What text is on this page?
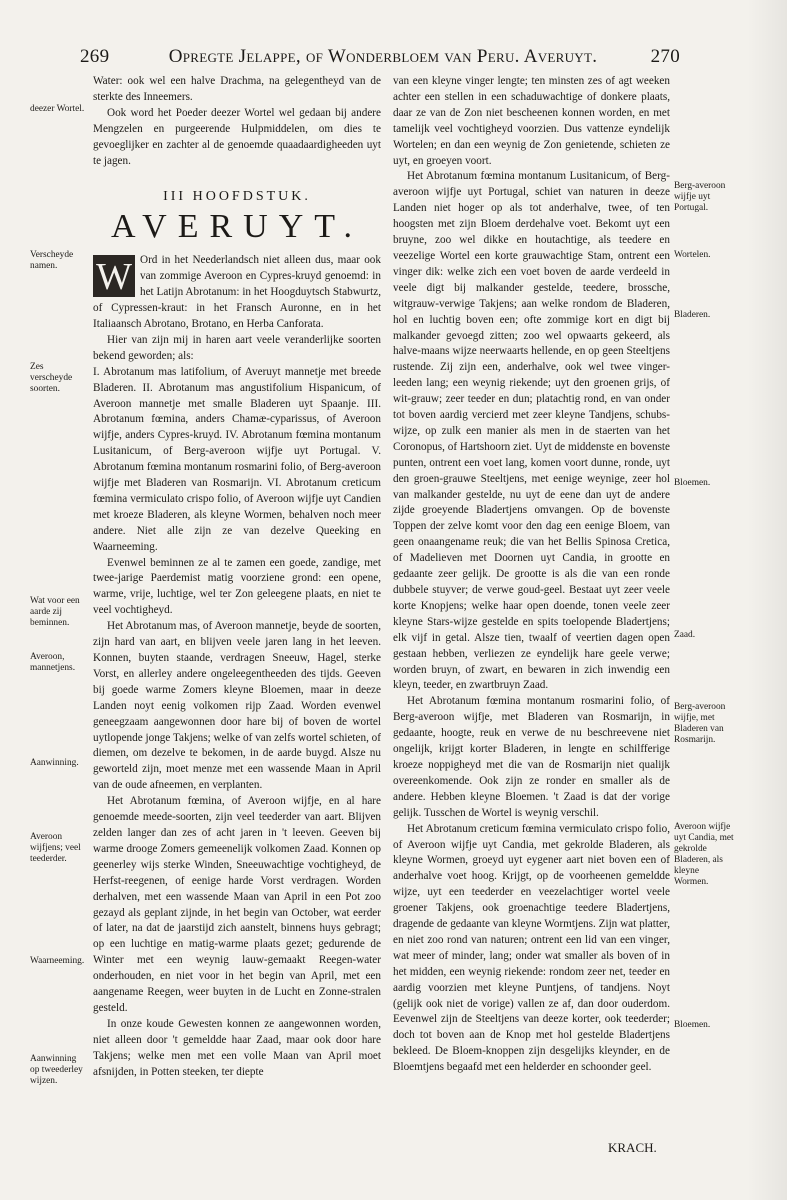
269	Opregte Jelappe, of Wonderbloem van Peru. Averuyt.	270

Water: ook wel een halve Drachma, na gelegentheyd van de sterkte des Inneemers.

Ook word het Poeder deezer Wortel wel gedaan bij andere Mengzelen en purgeerende Hulpmiddelen, om dies te gevoeglijker en zachter al de genoemde quaadaardigheeden uyt te jagen.

III HOOFDSTUK.
AVERUYT.

W Ord in het Neederlandsch niet alleen dus, maar ook van zommige Averoon en Cypres-kruyd genoemd: in het Latijn Abrotanum: in het Hoogduytsch Stabwurtz, of Cypressen-kraut: in het Fransch Auronne, en in het Italiaansch Abrotano, Brotano, en Herba Canforata.

Hier van zijn mij in haren aart veele veranderlijke soorten bekend geworden; als:

I. Abrotanum mas latifolium, of Averuyt mannetje met breede Bladeren. II. Abrotanum mas angustifolium Hispanicum, of Averoon mannetje met smalle Bladeren uyt Spaanje. III. Abrotanum fœmina, anders Chamæ-cyparissus, of Averoon wijfje, anders Cypres-kruyd. IV. Abrotanum fœmina montanum Lusitanicum, of Berg-averoon wijfje uyt Portugal. V. Abrotanum fœmina montanum rosmarini folio, of Berg-averoon wijfje met Bladeren van Rosmarijn. VI. Abrotanum creticum fœmina vermiculato crispo folio, of Averoon wijfje uyt Candien met kroeze Bladeren, als kleyne Wormen, behalven noch meer andere. Niet alle zijn ze van dezelve Queeking en Waarneeming.

Evenwel beminnen ze al te zamen een goede, zandige, met twee-jarige Paerdemist matig voorziene grond: een opene, warme, vrije, luchtige, wel ter Zon geleegene plaats, en niet te veel vochtigheyd.

Het Abrotanum mas, of Averoon mannetje, beyde de soorten, zijn hard van aart, en blijven veele jaren lang in het leeven. Konnen, buyten staande, verdragen Sneeuw, Hagel, sterke Vorst, en allerley andere ongeleegentheeden des tijds. Geeven bij goede warme Zomers kleyne Bloemen, maar in deeze Landen noyt eenig volkomen rijp Zaad. Worden evenwel geneegzaam aangewonnen door hare bij of boven de wortel uytlopende jonge Takjens; welke of van zelfs wortel schieten, of diemen, om dezelve te bekomen, in de aarde buygd. Alsze nu geworteld zijn, moet menze met een wassende Maan in April van de oude afneemen, en verplanten.

Het Abrotanum fœmina, of Averoon wijfje, en al hare genoemde meede-soorten, zijn veel teederder van aart. Blijven zelden langer dan zes of acht jaren in 't leeven. Geeven bij warme droogе Zomers gemeenelijk volkomen Zaad. Konnen op geenerley wijs sterke Winden, Sneeuwachtige vochtigheyd, de Herfst-reegenen, of eenige harde Vorst verdragen. Worden derhalven, met een wassende Maan van April in een Pot zoo gezayd als geplant zijnde, in het begin van October, wat eerder of later, na dat de jaarstijd zich aanstelt, binnens huys gebragt; op een luchtige en matig-warme plaats gezet; gedurende de Winter met een weynig lauw-gemaakt Reegen-water onderhouden, en niet voor in het begin van April, met een aangename Reegen, weer buyten in de Lucht en Zonne-stralen gesteld.

In onze koude Gewesten konnen ze aangewonnen worden, niet alleen door 't gemeldde haar Zaad, maar ook door hare Takjens; welke men met een volle Maan van April moet afsnijden, in Potten steeken, ter diepte

van een kleyne vinger lengte; ten minsten zes of agt weeken achter een stellen in een schaduwachtige of donkere plaats, daar ze van de Zon niet beschеenen konnen worden, en met tamelijk veel vochtigheyd voorzien. Dus vattenze eyndelijk Wortelen; en dan een weynig de Zon genietende, schieten ze uyt, en groeyen voort.

Het Abrotanum fœmina montanum Lusitanicum, of Berg-averoon wijfje uyt Portugal, schiet van naturen in deeze Landen niet hoger op als tot anderhalve, twee, of ten hoogsten met zijn Bloem derdehalve voet. Bekomt uyt een bruyne, zoo wel dikke en houtachtige, als teedere en veezelige Wortel een korte grauwachtige Stam, ontrent een vinger dik: welke zich een voet boven de aarde verdeeld in veele digt bij malkander gestelde, teedere, brossche, witgrauw-verwige Takjens; aan welke rondom de Bladeren, hol en luchtig boven een; ofte zommige kort en digt bij malkander gevoegd zitten; zoo wel opwaarts gekeerd, als halve-maans wijze neerwaarts hellende, en op geen Steeltjens rustende. Zij zijn een, anderhalve, ook wel twee vinger-leeden lang; een weynig riekende; uyt den groenen grijs, of wit-grauw; zeer teeder en dun; platachtig rond, en van onder tot boven aardig vercierd met zeer kleyne Tandjens, schubs-wijze, op zulk een manier als men in de staerten van het Coronopus, of Hartshoorn ziet. Uyt de middenste en bovenste punten, ontrent een voet lang, komen voort dunne, ronde, uyt den groen-grauwe Steeltjens, met eenige weynige, zeer hol van malkander gestelde, nu uyt de eene dan uyt de andere zijde groeyende Bladertjens omvangen. Op de bovenste Toppen der zelve komt voor den dag een eenige Bloem, van geen onaangename reuk; die van het Bellis Spinosa Cretica, of Madelieven met Doornen uyt Candia, in grootte en gedaante zeer gelijk. De grootte is als die van een ronde dubbele stuyver; de verwe goud-geel. Bestaat uyt zeer veele korte Knopjens; welke haar open doende, tonen veele zeer kleyne Stars-wijze gestelde en spits toelopende Bladertjens; elk vijf in getal. Alsze tien, twaalf of veertien dagen open gestaan hebben, verliezen ze eyndelijk hare geele verwe; worden bruyn, of zwart, en bewaren in zich inwendig een kleyn, teeder, en zwartbruyn Zaad.

Het Abrotanum fœmina montanum rosmarini folio, of Berg-averoon wijfje, met Bladeren van Rosmarijn, in gedaante, hoogte, reuk en verwe de nu beschreevene niet ongelijk, krijgt korter Bladeren, in lengte en schilfferige kroeze noppigheyd met die van de Rosmarijn niet qualijk overeenkomende. Ook zijn ze ronder en smaller als de andere. Hebben kleyne Bloemen. 't Zaad is dat der vorige gelijk. Tusschen de Wortel is weynig verschil.

Het Abrotanum creticum fœmina vermiculato crispo folio, of Averoon wijfje uyt Candia, met gekrolde Bladeren, als kleyne Wormen, groeyd uyt eygener aart niet boven een of anderhalve voet hoog. Krijgt, op de voorheenen gemeldde wijze, uyt een teederder en veezelachtiger wortel veele groener Takjens, ook groenachtige teedere Bladertjens, dragende de gedaante van kleyne Wormtjens. Zijn wat platter, en niet zoo rond van naturen; ontrent een lid van een vinger, wat meer of minder, lang; onder wat smaller als boven of in het midden, een weynig riekende: rondom zeer net, teeder en aardig voorzien met kleyne Puntjens, of tandjens. Noyt (gelijk ook niet de vorige) vallen ze af, dan door ouderdom. Eevenwel zijn de Steeltjens van deeze korter, ook teederder; doch tot boven aan de Knop met hol gestelde Bladertjens bekleed. De Bloem-knoppen zijn desgelijks kleynder, en de Bloemtjens begaafd met een helderder en schoonder geel.

deezer Wortel.
Verscheyde namen.
Zes verscheyde soorten.
Wat voor een aarde zij beminnen.
Averoon, mannetjens.
Aanwinning.
Averoon wijfjens; veel teederder.
Waarneeming.
Aanwinning op tweederley wijzen.
Berg-averoon wijfje uyt Portugal.
Wortelen.
Bladeren.
Bloemen.
Zaad.
Berg-averoon wijfje, met Bladeren van Rosmarijn.
Averoon wijfje uyt Candia, met gekrolde Bladeren, als kleyne Wormen.
Bloemen.
KRACH.
